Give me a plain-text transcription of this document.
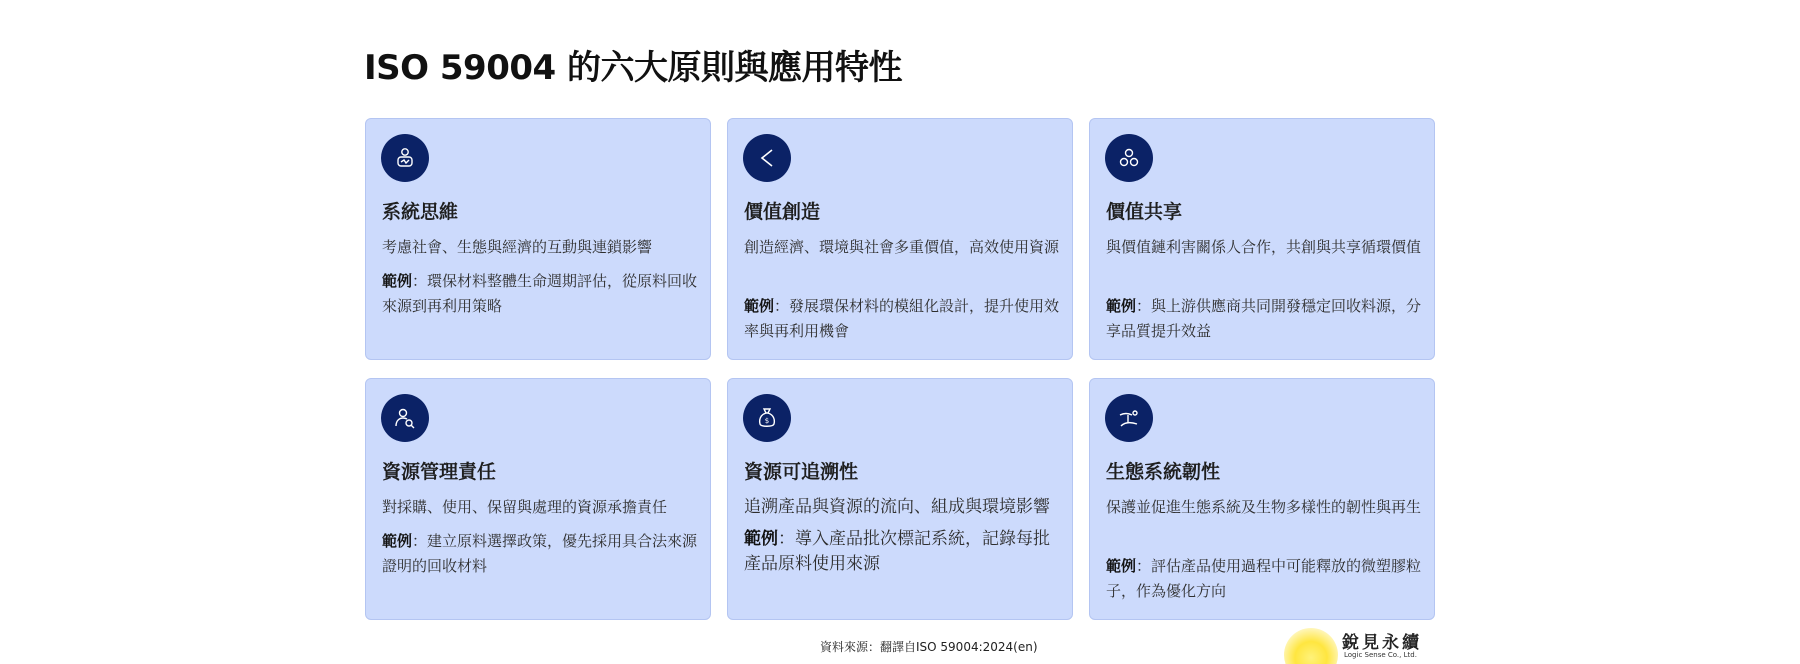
ISO 59004 的六大原則與應用特性
系統思維

考慮社會、生態與經濟的互動與連鎖影響

範例：環保材料整體生命週期評估，從原料回收來源到再利用策略

價值創造

創造經濟、環境與社會多重價值，高效使用資源

範例：發展環保材料的模組化設計，提升使用效率與再利用機會

價值共享

與價值鏈利害關係人合作，共創與共享循環價值

範例：與上游供應商共同開發穩定回收料源，分享品質提升效益

資源管理責任

對採購、使用、保留與處理的資源承擔責任

範例：建立原料選擇政策，優先採用具合法來源證明的回收材料

$
資源可追溯性

追溯產品與資源的流向、組成與環境影響

範例：導入產品批次標記系統，記錄每批產品原料使用來源

生態系統韌性

保護並促進生態系統及生物多樣性的韌性與再生

範例：評估產品使用過程中可能釋放的微塑膠粒子，作為優化方向

資料來源：翻譯自ISO 59004:2024(en)	銳見永續
Logic Sense Co., Ltd.
